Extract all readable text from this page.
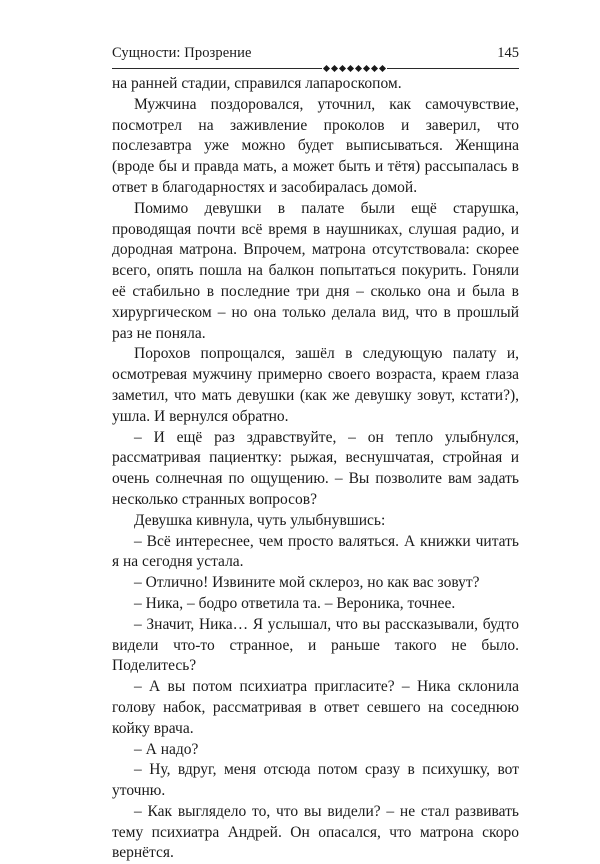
Сущности: Прозрение	145

на ранней стадии, справился лапароскопом.

Мужчина поздоровался, уточнил, как самочувствие, посмотрел на заживление проколов и заверил, что послезавтра уже можно будет выписываться. Женщина (вроде бы и правда мать, а может быть и тётя) рассыпалась в ответ в благодарностях и засобиралась домой.

Помимо девушки в палате были ещё старушка, проводящая почти всё время в наушниках, слушая радио, и дородная матрона. Впрочем, матрона отсутствовала: скорее всего, опять пошла на балкон попытаться покурить. Гоняли её стабильно в последние три дня – сколько она и была в хирургическом – но она только делала вид, что в прошлый раз не поняла.

Порохов попрощался, зашёл в следующую палату и, осмотревая мужчину примерно своего возраста, краем глаза заметил, что мать девушки (как же девушку зовут, кстати?), ушла. И вернулся обратно.

– И ещё раз здравствуйте, – он тепло улыбнулся, рассматривая пациентку: рыжая, веснушчатая, стройная и очень солнечная по ощущению. – Вы позволите вам задать несколько странных вопросов?

Девушка кивнула, чуть улыбнувшись:

– Всё интереснее, чем просто валяться. А книжки читать я на сегодня устала.

– Отлично! Извините мой склероз, но как вас зовут?

– Ника, – бодро ответила та. – Вероника, точнее.

– Значит, Ника… Я услышал, что вы рассказывали, будто видели что-то странное, и раньше такого не было. Поделитесь?

– А вы потом психиатра пригласите? – Ника склонила голову набок, рассматривая в ответ севшего на соседнюю койку врача.

– А надо?

– Ну, вдруг, меня отсюда потом сразу в психушку, вот уточню.

– Как выглядело то, что вы видели? – не стал развивать тему психиатра Андрей. Он опасался, что матрона скоро вернётся.
